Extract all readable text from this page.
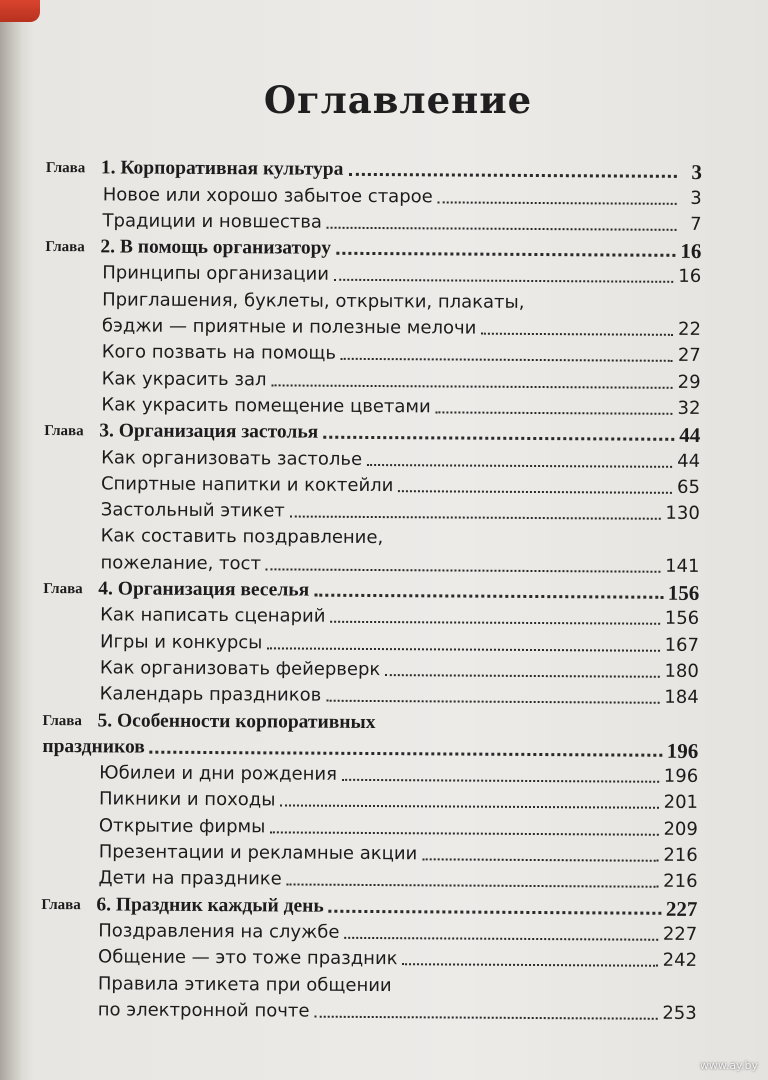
Оглавление
Глава 1. Корпоративная культура	3
Новое или хорошо забытое старое	3
Традиции и новшества	7
Глава 2. В помощь организатору	16
Принципы организации	16
Приглашения, буклеты, открытки, плакаты,
бэджи — приятные и полезные мелочи	22
Кого позвать на помощь	27
Как украсить зал	29
Как украсить помещение цветами	32
Глава 3. Организация застолья	44
Как организовать застолье	44
Спиртные напитки и коктейли	65
Застольный этикет	130
Как составить поздравление,
пожелание, тост	141
Глава 4. Организация веселья	156
Как написать сценарий	156
Игры и конкурсы	167
Как организовать фейерверк	180
Календарь праздников	184
Глава 5. Особенности корпоративных
праздников	196
Юбилеи и дни рождения	196
Пикники и походы	201
Открытие фирмы	209
Презентации и рекламные акции	216
Дети на празднике	216
Глава 6. Праздник каждый день	227
Поздравления на службе	227
Общение — это тоже праздник	242
Правила этикета при общении
по электронной почте	253
www.ay.by
